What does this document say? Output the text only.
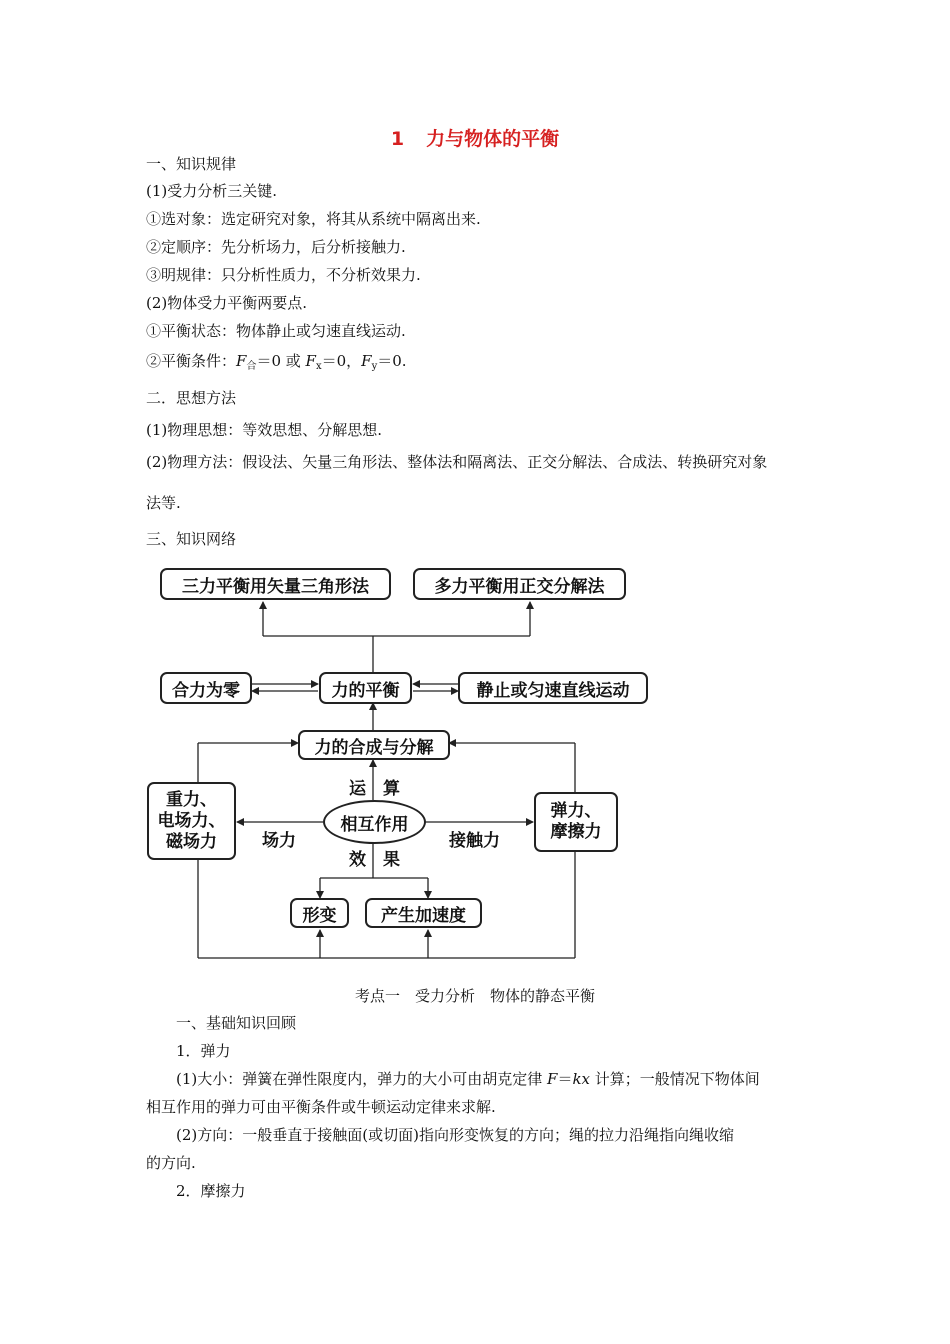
1 力与物体的平衡
一、知识规律
(1)受力分析三关键.
①选对象：选定研究对象，将其从系统中隔离出来.
②定顺序：先分析场力，后分析接触力.
③明规律：只分析性质力，不分析效果力.
(2)物体受力平衡两要点.
①平衡状态：物体静止或匀速直线运动.
②平衡条件：$F_合=0$ 或 $F_x=0$，$F_y=0$.
二．思想方法
(1)物理思想：等效思想、分解思想.
(2)物理方法：假设法、矢量三角形法、整体法和隔离法、正交分解法、合成法、转换研究对象
法等.
三、知识网络
三力平衡用矢量三角形法	多力平衡用正交分解法
合力为零	力的平衡	静止或匀速直线运动
力的合成与分解
重力、
电场力、
磁场力
弹力、
摩擦力
相互作用
运　算
效　果
场力	接触力
形变	产生加速度
考点一　受力分析　物体的静态平衡
一、基础知识回顾
1．弹力
(1)大小：弹簧在弹性限度内，弹力的大小可由胡克定律 F＝kx 计算；一般情况下物体间
相互作用的弹力可由平衡条件或牛顿运动定律来求解.
(2)方向：一般垂直于接触面(或切面)指向形变恢复的方向；绳的拉力沿绳指向绳收缩
的方向.
2．摩擦力
